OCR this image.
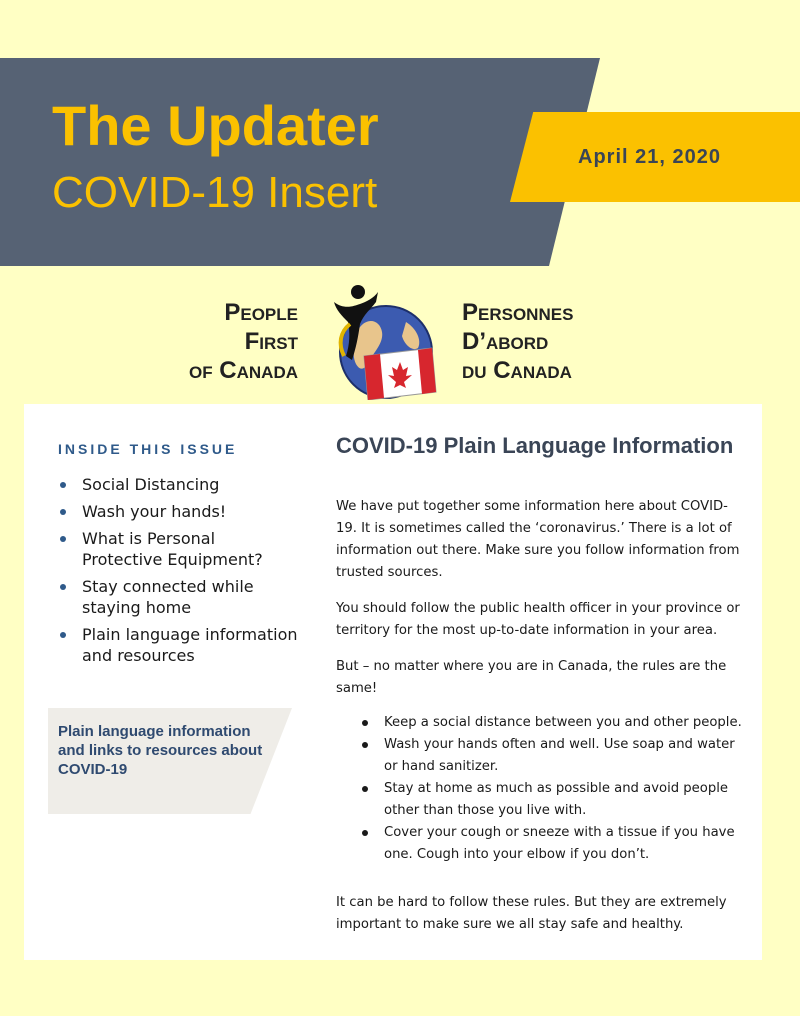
The Updater
COVID-19 Insert
April 21, 2020
People
First
of Canada
Personnes
D’abord
du Canada
INSIDE THIS ISSUE
Social Distancing
Wash your hands!
What is Personal Protective Equipment?
Stay connected while staying home
Plain language information and resources
Plain language information and links to resources about COVID-19
COVID-19 Plain Language Information

We have put together some information here about COVID-19. It is sometimes called the ‘coronavirus.’ There is a lot of information out there. Make sure you follow information from trusted sources.

You should follow the public health officer in your province or territory for the most up-to-date information in your area.

But – no matter where you are in Canada, the rules are the same!

Keep a social distance between you and other people.
Wash your hands often and well. Use soap and water or hand sanitizer.
Stay at home as much as possible and avoid people other than those you live with.
Cover your cough or sneeze with a tissue if you have one. Cough into your elbow if you don’t.

It can be hard to follow these rules. But they are extremely important to make sure we all stay safe and healthy.
